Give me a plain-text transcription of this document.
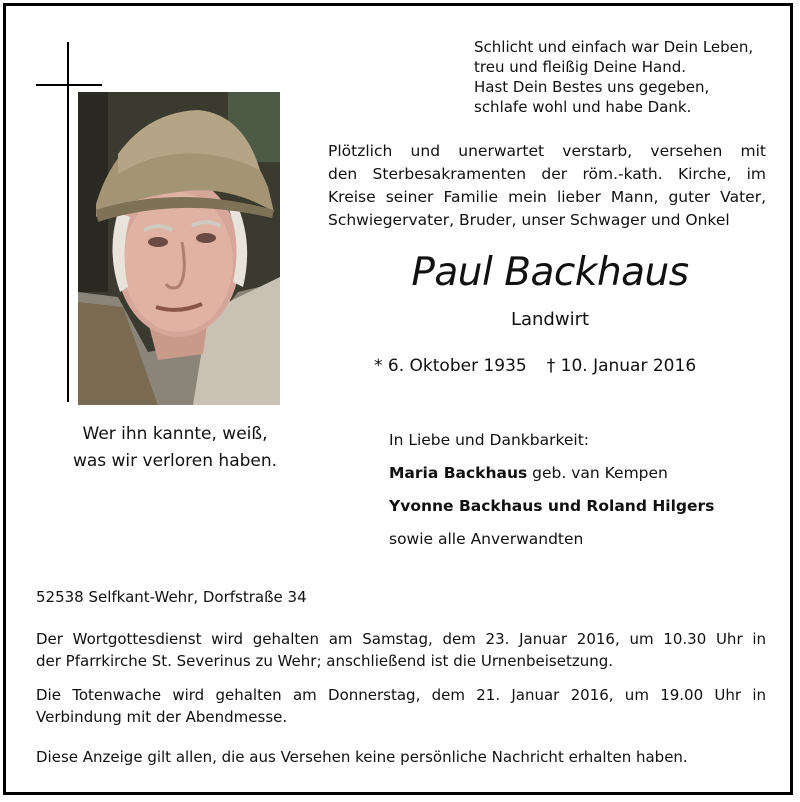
Wer ihn kannte, weiß,
was wir verloren haben.
Schlicht und einfach war Dein Leben,
treu und fleißig Deine Hand.
Hast Dein Bestes uns gegeben,
schlafe wohl und habe Dank.
Plötzlich und unerwartet verstarb, versehen mit
den Sterbesakramenten der röm.-kath. Kirche, im
Kreise seiner Familie mein lieber Mann, guter Vater,
Schwiegervater, Bruder, unser Schwager und Onkel
Paul Backhaus
Landwirt
* 6. Oktober 1935 † 10. Januar 2016
In Liebe und Dankbarkeit:
Maria Backhaus geb. van Kempen
Yvonne Backhaus und Roland Hilgers
sowie alle Anverwandten
52538 Selfkant-Wehr, Dorfstraße 34
Der Wortgottesdienst wird gehalten am Samstag, dem 23. Januar 2016, um 10.30 Uhr in
der Pfarrkirche St. Severinus zu Wehr; anschließend ist die Urnenbeisetzung.
Die Totenwache wird gehalten am Donnerstag, dem 21. Januar 2016, um 19.00 Uhr in
Verbindung mit der Abendmesse.
Diese Anzeige gilt allen, die aus Versehen keine persönliche Nachricht erhalten haben.
